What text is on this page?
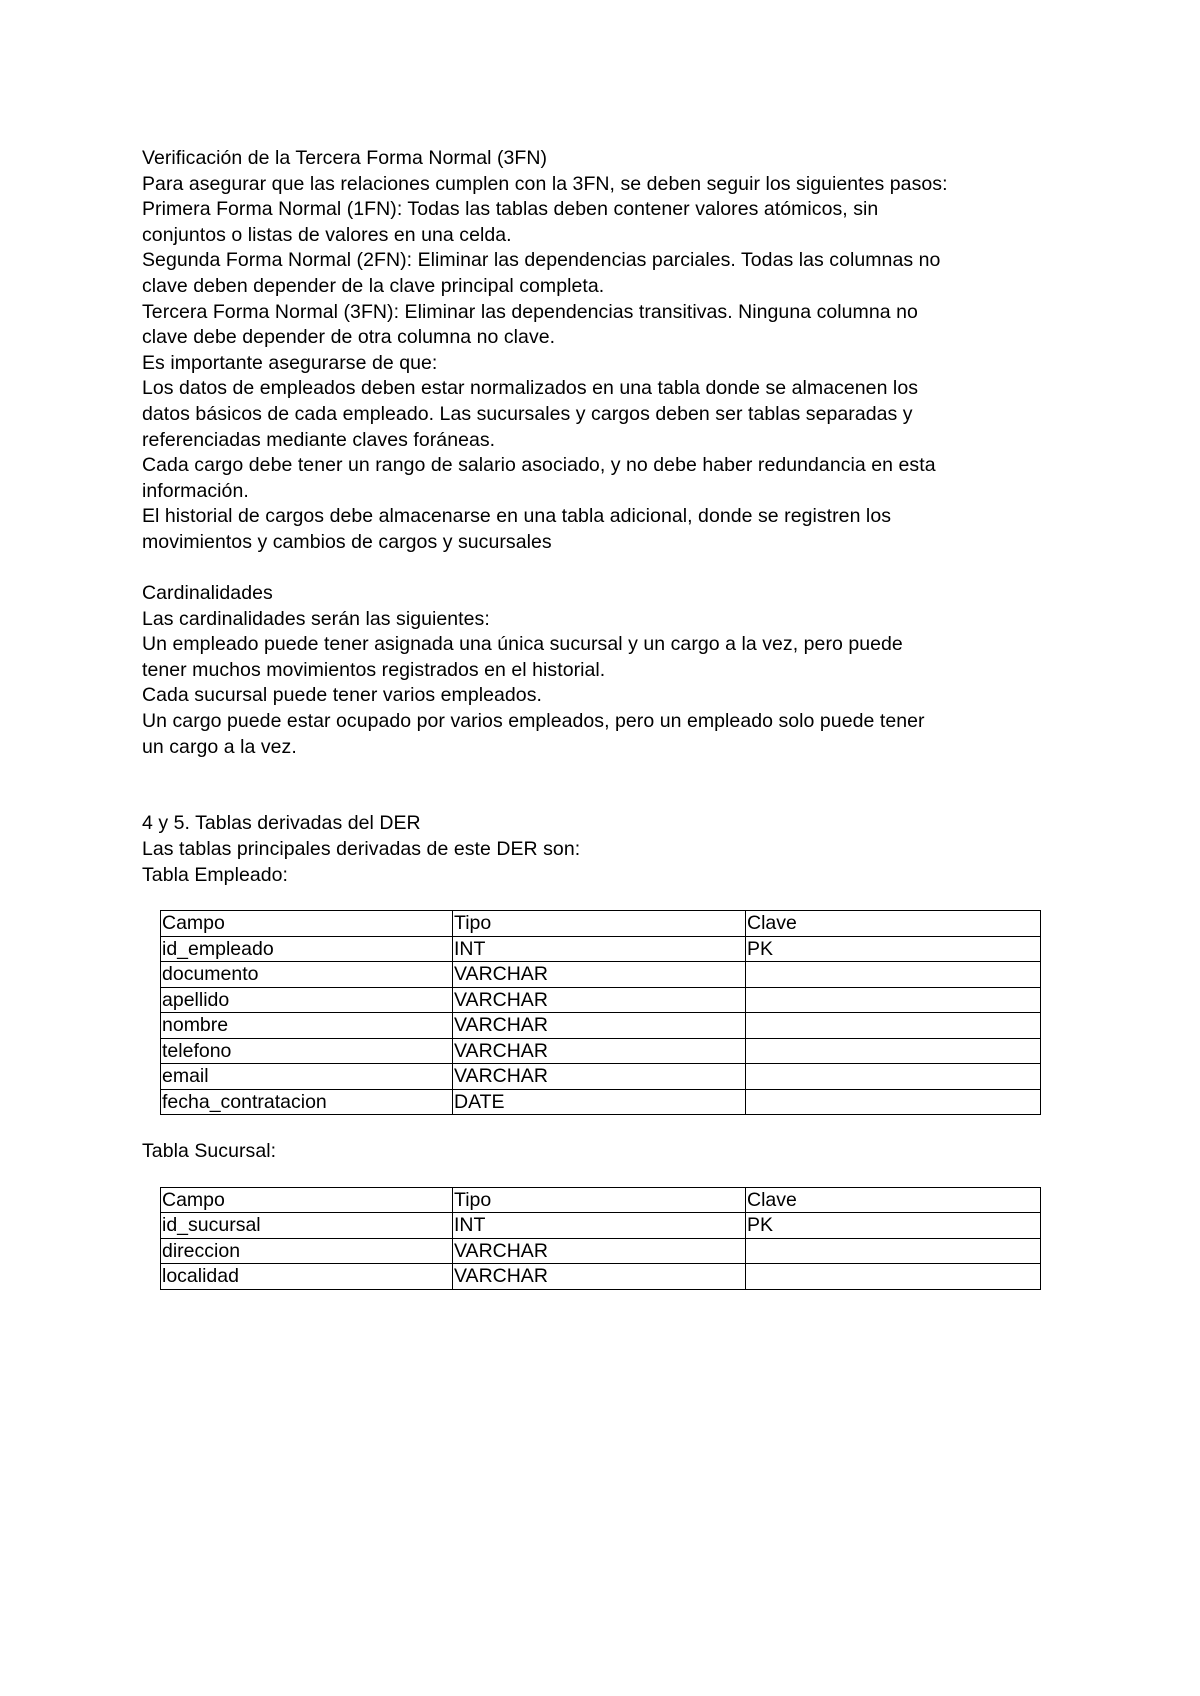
Verificación de la Tercera Forma Normal (3FN)

Para asegurar que las relaciones cumplen con la 3FN, se deben seguir los siguientes pasos:

Primera Forma Normal (1FN): Todas las tablas deben contener valores atómicos, sin

conjuntos o listas de valores en una celda.

Segunda Forma Normal (2FN): Eliminar las dependencias parciales. Todas las columnas no

clave deben depender de la clave principal completa.

Tercera Forma Normal (3FN): Eliminar las dependencias transitivas. Ninguna columna no

clave debe depender de otra columna no clave.

Es importante asegurarse de que:

Los datos de empleados deben estar normalizados en una tabla donde se almacenen los

datos básicos de cada empleado. Las sucursales y cargos deben ser tablas separadas y

referenciadas mediante claves foráneas.

Cada cargo debe tener un rango de salario asociado, y no debe haber redundancia en esta

información.

El historial de cargos debe almacenarse en una tabla adicional, donde se registren los

movimientos y cambios de cargos y sucursales

Cardinalidades

Las cardinalidades serán las siguientes:

Un empleado puede tener asignada una única sucursal y un cargo a la vez, pero puede

tener muchos movimientos registrados en el historial.

Cada sucursal puede tener varios empleados.

Un cargo puede estar ocupado por varios empleados, pero un empleado solo puede tener

un cargo a la vez.

4 y 5. Tablas derivadas del DER

Las tablas principales derivadas de este DER son:

Tabla Empleado:

Campo	Tipo	Clave
id_empleado	INT	PK
documento	VARCHAR	
apellido	VARCHAR	
nombre	VARCHAR	
telefono	VARCHAR	
email	VARCHAR	
fecha_contratacion	DATE	

Tabla Sucursal:

Campo	Tipo	Clave
id_sucursal	INT	PK
direccion	VARCHAR	
localidad	VARCHAR	
